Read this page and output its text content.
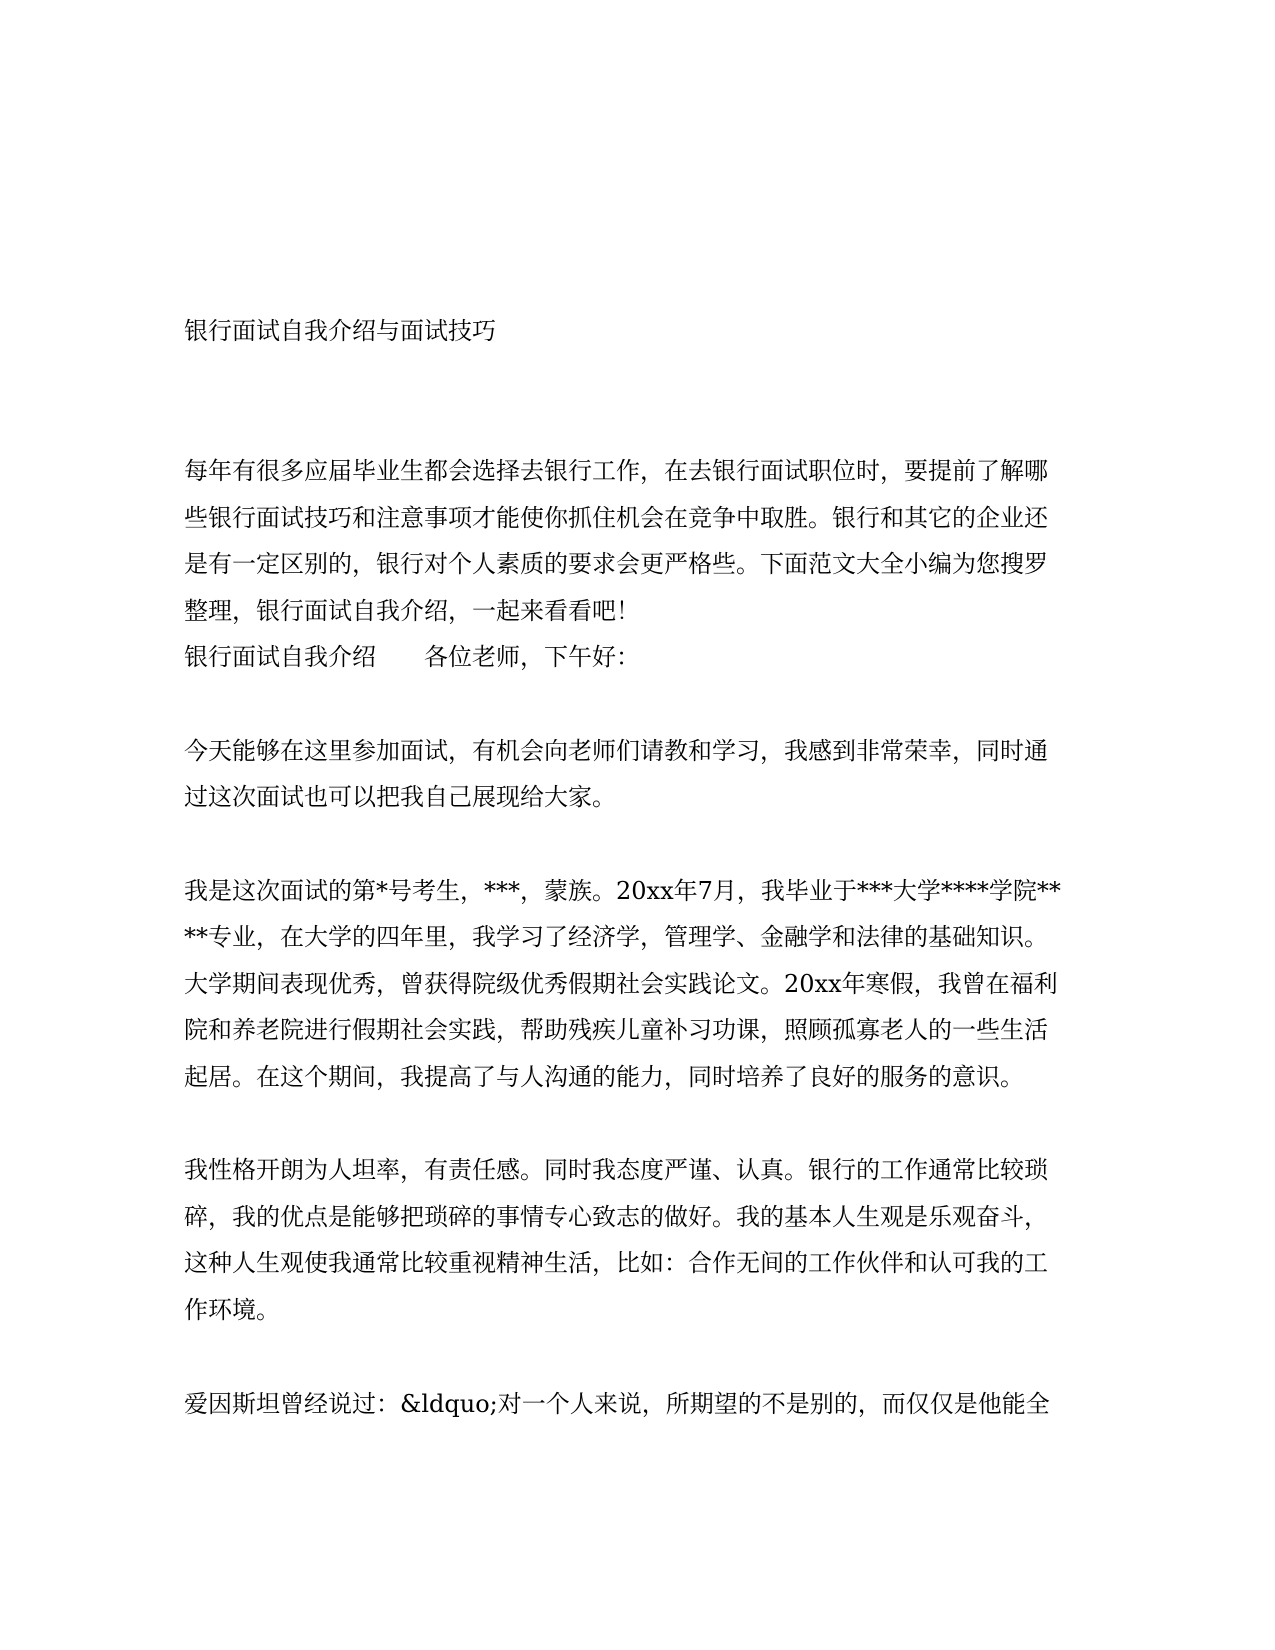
银行面试自我介绍与面试技巧
每年有很多应届毕业生都会选择去银行工作，在去银行面试职位时，要提前了解哪
些银行面试技巧和注意事项才能使你抓住机会在竞争中取胜。银行和其它的企业还
是有一定区别的，银行对个人素质的要求会更严格些。下面范文大全小编为您搜罗
整理，银行面试自我介绍，一起来看看吧！
银行面试自我介绍 各位老师，下午好：
今天能够在这里参加面试，有机会向老师们请教和学习，我感到非常荣幸，同时通
过这次面试也可以把我自己展现给大家。
我是这次面试的第*号考生，***，蒙族。20xx年7月，我毕业于***大学****学院**
**专业，在大学的四年里，我学习了经济学，管理学、金融学和法律的基础知识。
大学期间表现优秀，曾获得院级优秀假期社会实践论文。20xx年寒假，我曾在福利
院和养老院进行假期社会实践，帮助残疾儿童补习功课，照顾孤寡老人的一些生活
起居。在这个期间，我提高了与人沟通的能力，同时培养了良好的服务的意识。
我性格开朗为人坦率，有责任感。同时我态度严谨、认真。银行的工作通常比较琐
碎，我的优点是能够把琐碎的事情专心致志的做好。我的基本人生观是乐观奋斗，
这种人生观使我通常比较重视精神生活，比如：合作无间的工作伙伴和认可我的工
作环境。
爱因斯坦曾经说过：&ldquo;对一个人来说，所期望的不是别的，而仅仅是他能全
